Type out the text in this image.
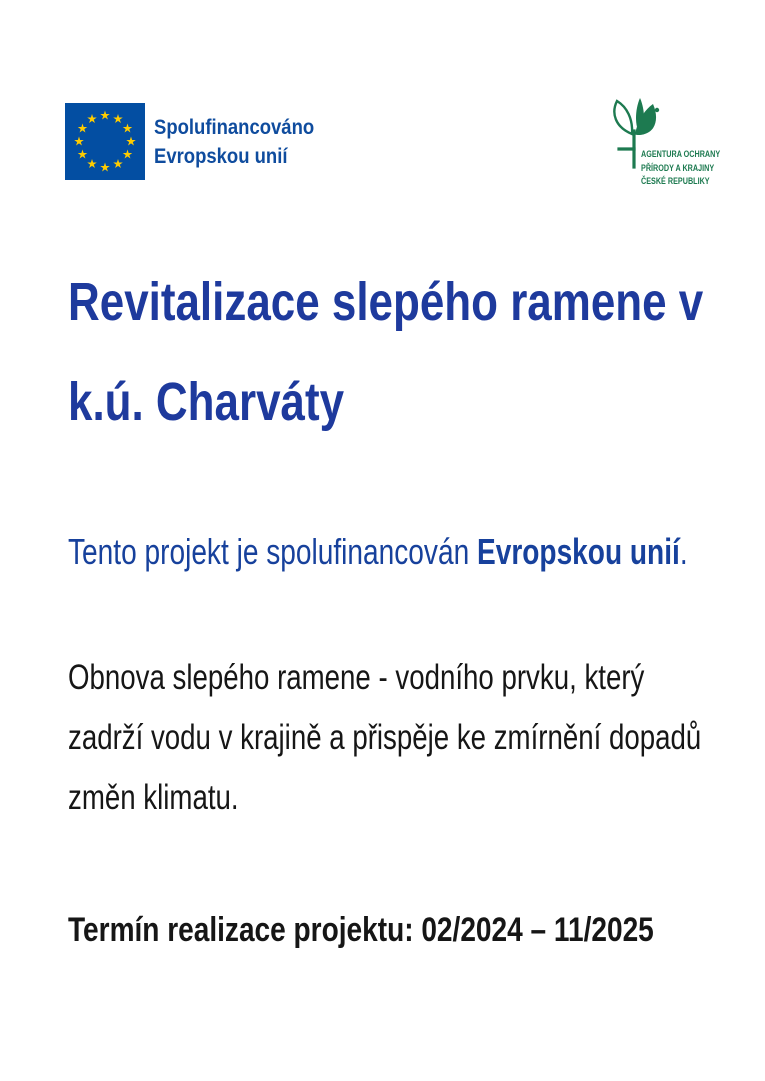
Spolufinancováno
Evropskou unií	AGENTURA OCHRANY
PŘÍRODY A KRAJINY
ČESKÉ REPUBLIKY
Revitalizace slepého ramene v
k.ú. Charváty

Tento projekt je spolufinancován Evropskou unií.

Obnova slepého ramene - vodního prvku, který
zadrží vodu v krajině a přispěje ke zmírnění dopadů
změn klimatu.

Termín realizace projektu: 02/2024 – 11/2025
